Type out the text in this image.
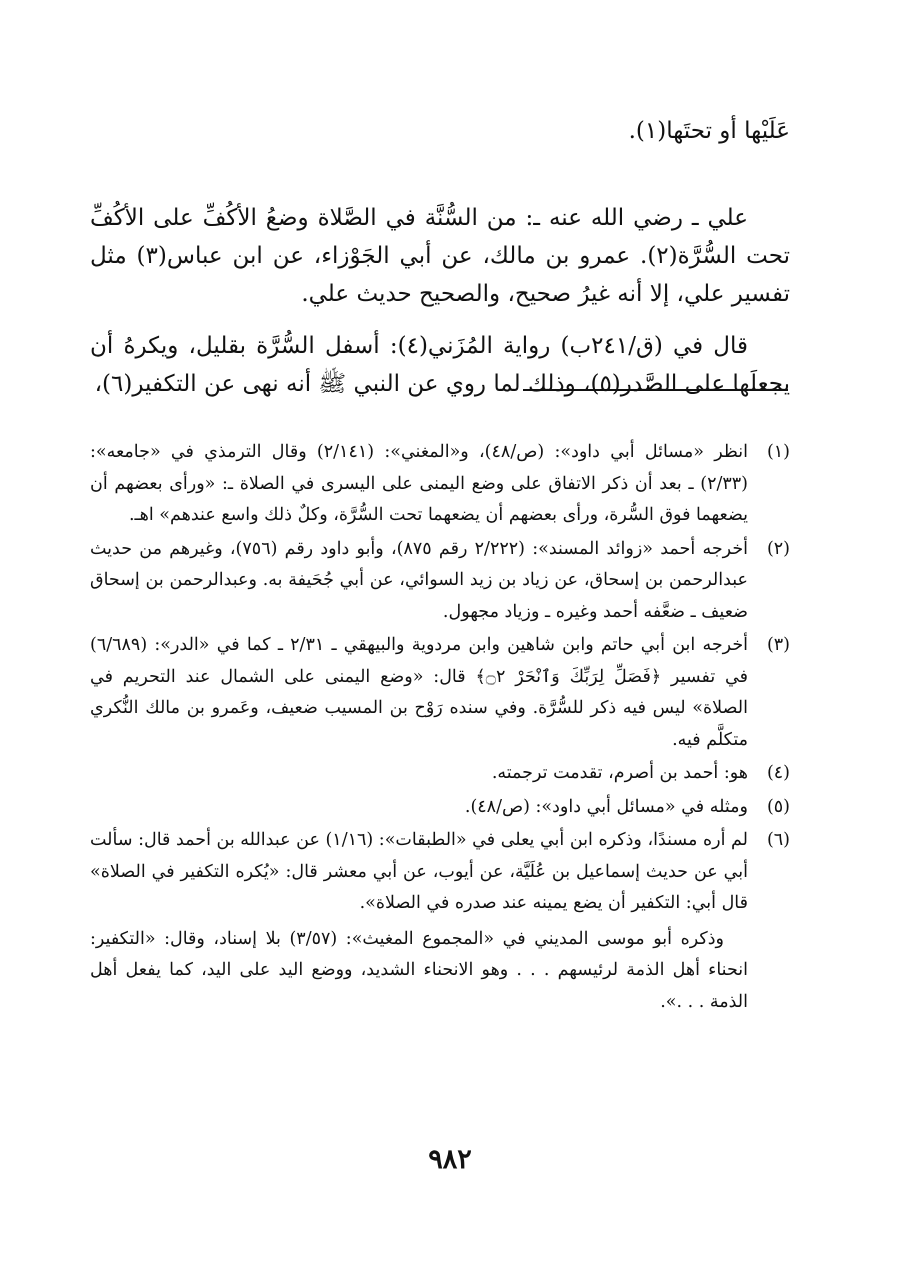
عَلَيْها أو تحتَها(١).

علي ـ رضي الله عنه ـ: من السُّنَّة في الصَّلاة وضعُ الأكُفِّ على الأكُفِّ تحت السُّرَّة(٢). عمرو بن مالك، عن أبي الجَوْزاء، عن ابن عباس(٣) مثل تفسير علي، إلا أنه غيرُ صحيح، والصحيح حديث علي.

قال في (ق/٢٤١ب) رواية المُزَني(٤): أسفل السُّرَّة بقليل، ويكرهُ أن يجعلَها على الصَّدر(٥)، وذلك لما روي عن النبي ﷺ أنه نهى عن التكفير(٦)،

(١)
انظر «مسائل أبي داود»: (ص/٤٨)، و«المغني»: (٢/١٤١) وقال الترمذي في «جامعه»: (٢/٣٣) ـ بعد أن ذكر الاتفاق على وضع اليمنى على اليسرى في الصلاة ـ: «ورأى بعضهم أن يضعهما فوق السُّرة، ورأى بعضهم أن يضعهما تحت السُّرَّة، وكلٌ ذلك واسع عندهم» اهـ.
(٢)
أخرجه أحمد «زوائد المسند»: (٢/٢٢٢ رقم ٨٧٥)، وأبو داود رقم (٧٥٦)، وغيرهم من حديث عبدالرحمن بن إسحاق، عن زياد بن زيد السوائي، عن أبي جُحَيفة به. وعبدالرحمن بن إسحاق ضعيف ـ ضعَّفه أحمد وغيره ـ وزياد مجهول.
(٣)
أخرجه ابن أبي حاتم وابن شاهين وابن مردوية والبيهقي ـ ٢/٣١ ـ كما في «الدر»: (٦/٦٨٩) في تفسير ﴿فَصَلِّ لِرَبِّكَ وَٱنْحَرْ ۝٢﴾ قال: «وضع اليمنى على الشمال عند التحريم في الصلاة» ليس فيه ذكر للسُّرَّة. وفي سنده رَوْح بن المسيب ضعيف، وعَمرو بن مالك النُّكري متكلَّم فيه.
(٤)
هو: أحمد بن أصرم، تقدمت ترجمته.
(٥)
ومثله في «مسائل أبي داود»: (ص/٤٨).
(٦)
لم أره مسندًا، وذكره ابن أبي يعلى في «الطبقات»: (١/١٦) عن عبدالله بن أحمد قال: سألت أبي عن حديث إسماعيل بن عُلَيَّة، عن أيوب، عن أبي معشر قال: «يُكره التكفير في الصلاة» قال أبي: التكفير أن يضع يمينه عند صدره في الصلاة».
وذكره أبو موسى المديني في «المجموع المغيث»: (٣/٥٧) بلا إسناد، وقال: «التكفير: انحناء أهل الذمة لرئيسهم . . . وهو الانحناء الشديد، ووضع اليد على اليد، كما يفعل أهل الذمة . . .».
٩٨٢
